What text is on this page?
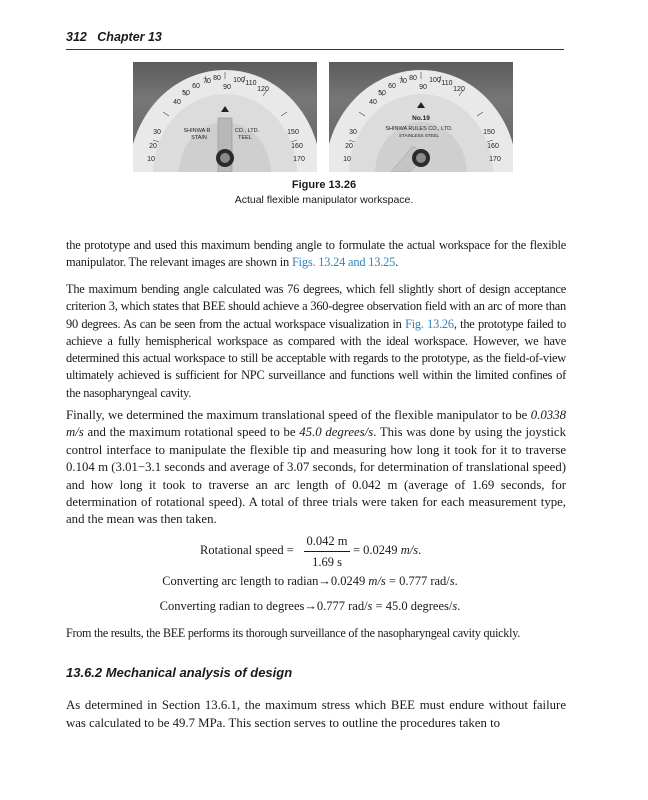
312 Chapter 13
40
50
60
70 80
90
100 110
120
30
20
10
150
160
170
SHINWA R	CO., LTD.
STAIN	TEEL
40
50
60
70 80
90
100 110
120
30
20
10
150
160
170
No.19
SHINWA RULES CO., LTD.
STAINLESS STEEL
Figure 13.26
Actual flexible manipulator workspace.
the prototype and used this maximum bending angle to formulate the actual workspace for the flexible manipulator. The relevant images are shown in Figs. 13.24 and 13.25.
The maximum bending angle calculated was 76 degrees, which fell slightly short of design acceptance criterion 3, which states that BEE should achieve a 360-degree observation field with an arc of more than 90 degrees. As can be seen from the actual workspace visualization in Fig. 13.26, the prototype failed to achieve a fully hemispherical workspace as compared with the ideal workspace. However, we have determined this actual workspace to still be acceptable with regards to the prototype, as the field-of-view ultimately achieved is sufficient for NPC surveillance and functions well within the limited confines of the nasopharyngeal cavity.
Finally, we determined the maximum translational speed of the flexible manipulator to be 0.0338 m/s and the maximum rotational speed to be 45.0 degrees/s. This was done by using the joystick control interface to manipulate the flexible tip and measuring how long it took for it to traverse 0.104 m (3.01−3.1 seconds and average of 3.07 seconds, for determination of translational speed) and how long it took to traverse an arc length of 0.042 m (average of 1.69 seconds, for determination of rotational speed). A total of three trials were taken for each measurement type, and the mean was then taken.
Rotational speed = $\frac{0.042 m}{1.69 s} = 0.0249$ m/s.
Converting arc length to radian→0.0249 m/s = 0.777 rad/s.
Converting radian to degrees→0.777 rad/s = 45.0 degrees/s.
From the results, the BEE performs its thorough surveillance of the nasopharyngeal cavity quickly.
13.6.2 Mechanical analysis of design
As determined in Section 13.6.1, the maximum stress which BEE must endure without failure was calculated to be 49.7 MPa. This section serves to outline the procedures taken to
